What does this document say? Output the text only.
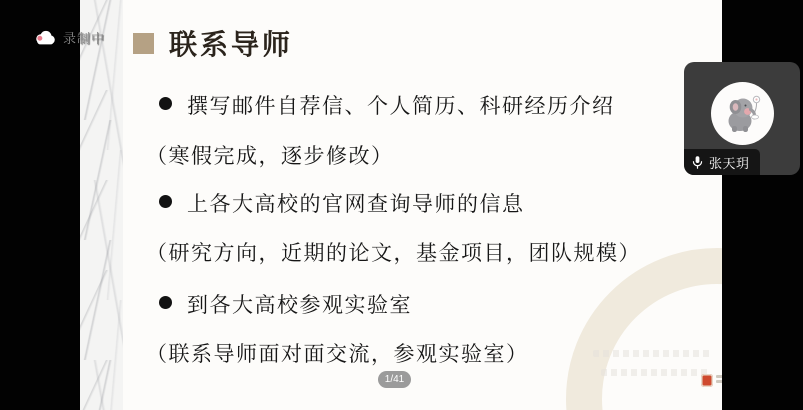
联系导师
撰写邮件自荐信、个人简历、科研经历介绍
（寒假完成，逐步修改）
上各大高校的官网查询导师的信息
（研究方向，近期的论文，基金项目，团队规模）
到各大高校参观实验室
（联系导师面对面交流，参观实验室）
1/41
录制中
张天玥
